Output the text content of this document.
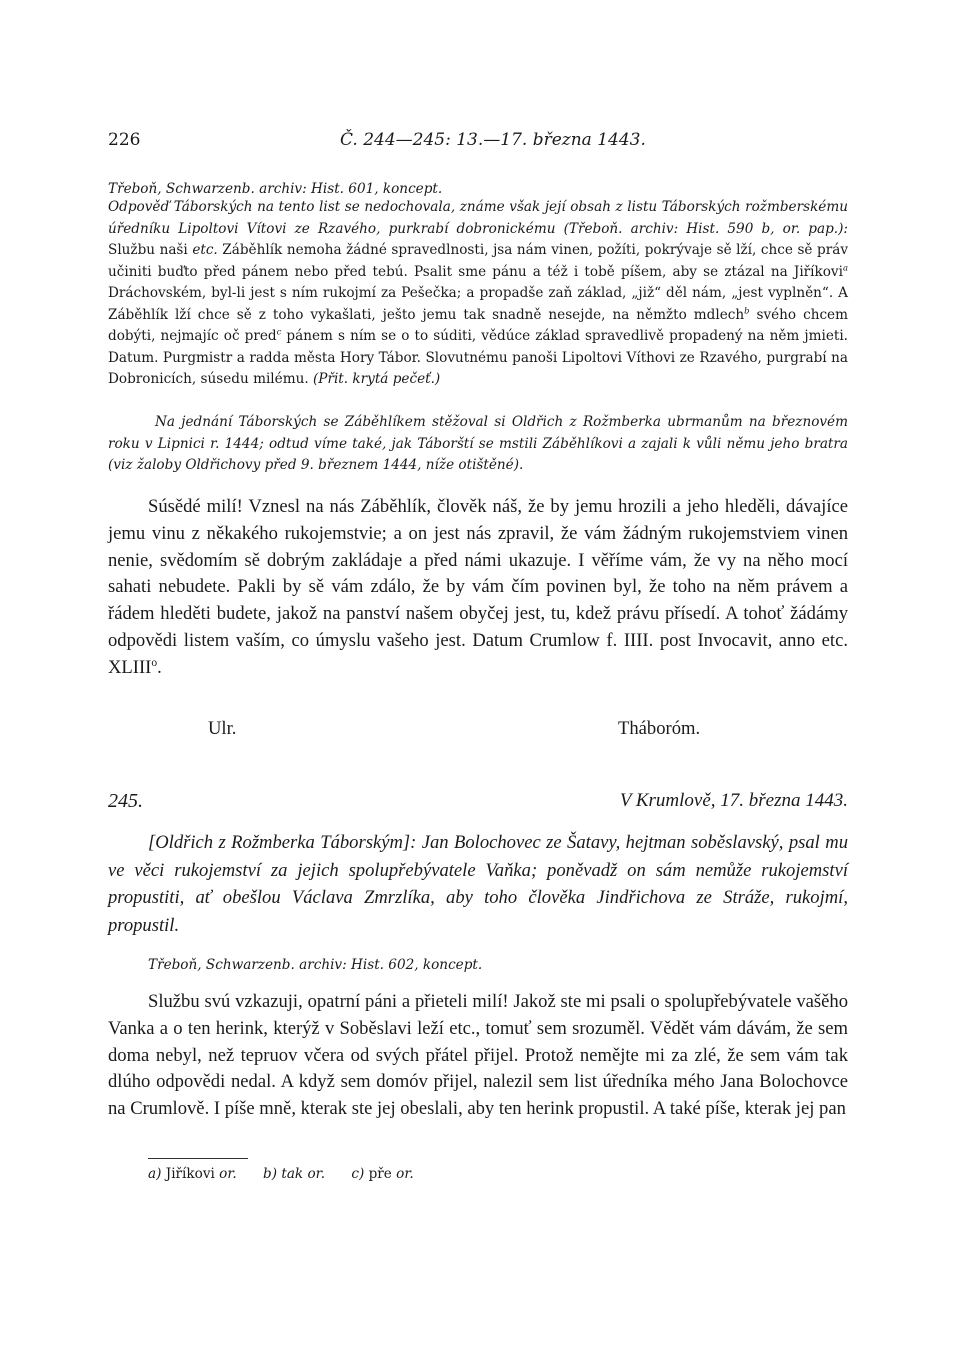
226	Č. 244—245: 13.—17. března 1443.
Třeboň, Schwarzenb. archiv: Hist. 601, koncept.
Odpověď Táborských na tento list se nedochovala, známe však její obsah z listu Táborských rožmberskému úředníku Lipoltovi Vítovi ze Rzavého, purkrabí dobronickému (Třeboň. archiv: Hist. 590 b, or. pap.): Službu naši etc. Záběhlík nemoha žádné spravedlnosti, jsa nám vinen, požíti, pokrývaje sě lží, chce sě práv učiniti buďto před pánem nebo před tebú. Psalit sme pánu a též i tobě píšem, aby se ztázal na Jiříkovi$^a$ Dráchovském, byl-li jest s ním rukojmí za Pešečka; a propadše zaň základ, „již“ děl nám, „jest vyplněn“. A Záběhlík lží chce sě z toho vykašlati, ješto jemu tak snadně nesejde, na němžto mdlech$^b$ svého chcem dobýti, nejmajíc oč pred$^c$ pánem s ním se o to súditi, vědúce základ spravedlivě propadený na něm jmieti. Datum. Purgmistr a radda města Hory Tábor. Slovutnému panoši Lipoltovi Víthovi ze Rzavého, purgrabí na Dobronicích, súsedu milému. (Přit. krytá pečeť.)
Na jednání Táborských se Záběhlíkem stěžoval si Oldřich z Rožmberka ubrmanům na březnovém roku v Lipnici r. 1444; odtud víme také, jak Táborští se mstili Záběhlíkovi a zajali k vůli němu jeho bratra (viz žaloby Oldřichovy před 9. březnem 1444, níže otištěné).
Súsědé milí! Vznesl na nás Záběhlík, člověk náš, že by jemu hrozili a jeho hleděli, dávajíce jemu vinu z někakého rukojemstvie; a on jest nás zpravil, že vám žádným rukojemstviem vinen nenie, svědomím sě dobrým zakládaje a před námi ukazuje. I věříme vám, že vy na něho mocí sahati nebudete. Pakli by sě vám zdálo, že by vám čím povinen byl, že toho na něm právem a řádem hleděti budete, jakož na panství našem obyčej jest, tu, kdež právu přísedí. A tohoť žádámy odpovědi listem vaším, co úmyslu vašeho jest. Datum Crumlow f. IIII. post Invocavit, anno etc. XLIII$^o$.
Ulr.	Tháboróm.
245.	V Krumlově, 17. března 1443.
[Oldřich z Rožmberka Táborským]: Jan Bolochovec ze Šatavy, hejtman soběslavský, psal mu ve věci rukojemství za jejich spolupřebývatele Vaňka; poněvadž on sám nemůže rukojemství propustiti, ať obešlou Václava Zmrzlíka, aby toho člověka Jindřichova ze Stráže, rukojmí, propustil.
Třeboň, Schwarzenb. archiv: Hist. 602, koncept.
Službu svú vzkazuji, opatrní páni a přieteli milí! Jakož ste mi psali o spolupřebývatele vašěho Vanka a o ten herink, kterýž v Soběslavi leží etc., tomuť sem srozuměl. Vědět vám dávám, že sem doma nebyl, než tepruov včera od svých přátel přijel. Protož nemějte mi za zlé, že sem vám tak dlúho odpovědi nedal. A když sem domóv přijel, nalezil sem list úředníka mého Jana Bolochovce na Crumlově. I píše mně, kterak ste jej obeslali, aby ten herink propustil. A také píše, kterak jej pan
a) Jiříkovi or. b) tak or. c) pře or.
